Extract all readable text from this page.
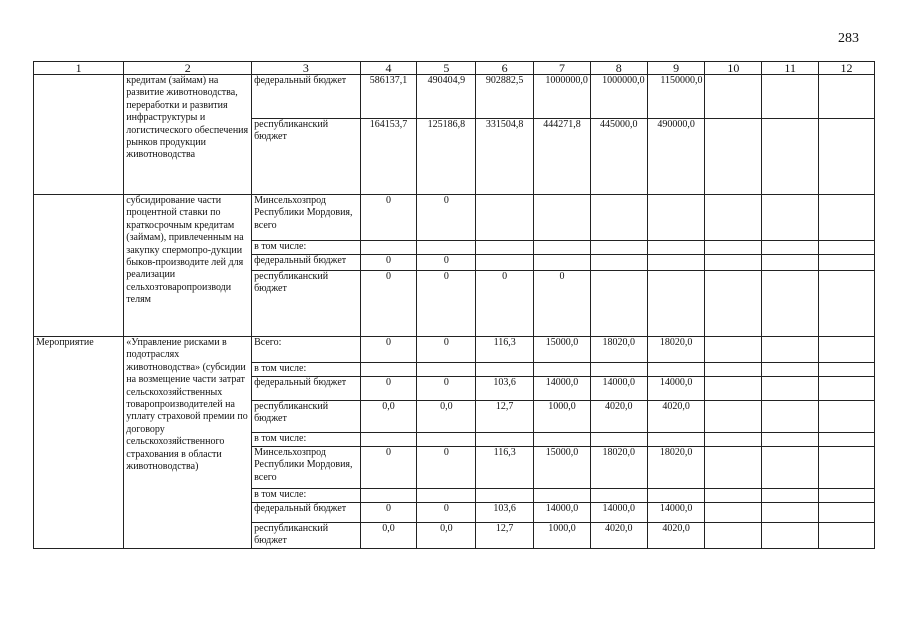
283
1	2	3	4	5	6	7	8	9	10	11	12
	кредитам (займам) на развитие животноводства, переработки и развития инфраструктуры и логистического обеспечения рынков продукции животноводства	федеральный бюджет	586137,1	490404,9	902882,5	1000000,0	1000000,0	1150000,0			
		республиканский бюджет	164153,7	125186,8	331504,8	444271,8	445000,0	490000,0			
	субсидирование части процентной ставки по краткосрочным кредитам (займам), привлеченным на закупку спермопро-дукции быков-производите лей для реализации сельхозтоваропроизводи телям	Минсельхозпрод Республики Мордовия, всего	0	0							
		в том числе:									
		федеральный бюджет	0	0							
		республиканский бюджет	0	0	0	0					
Мероприятие	«Управление рисками в подотраслях животноводства» (субсидии на возмещение части затрат сельскохозяйственных товаропроизводителей на уплату страховой премии по договору сельскохозяйственного страхования в области животноводства)	Всего:	0	0	116,3	15000,0	18020,0	18020,0			
		в том числе:									
		федеральный бюджет	0	0	103,6	14000,0	14000,0	14000,0			
		республиканский бюджет	0,0	0,0	12,7	1000,0	4020,0	4020,0			
		в том числе:									
		Минсельхозпрод Республики Мордовия, всего	0	0	116,3	15000,0	18020,0	18020,0			
		в том числе:									
		федеральный бюджет	0	0	103,6	14000,0	14000,0	14000,0			
		республиканский бюджет	0,0	0,0	12,7	1000,0	4020,0	4020,0			
